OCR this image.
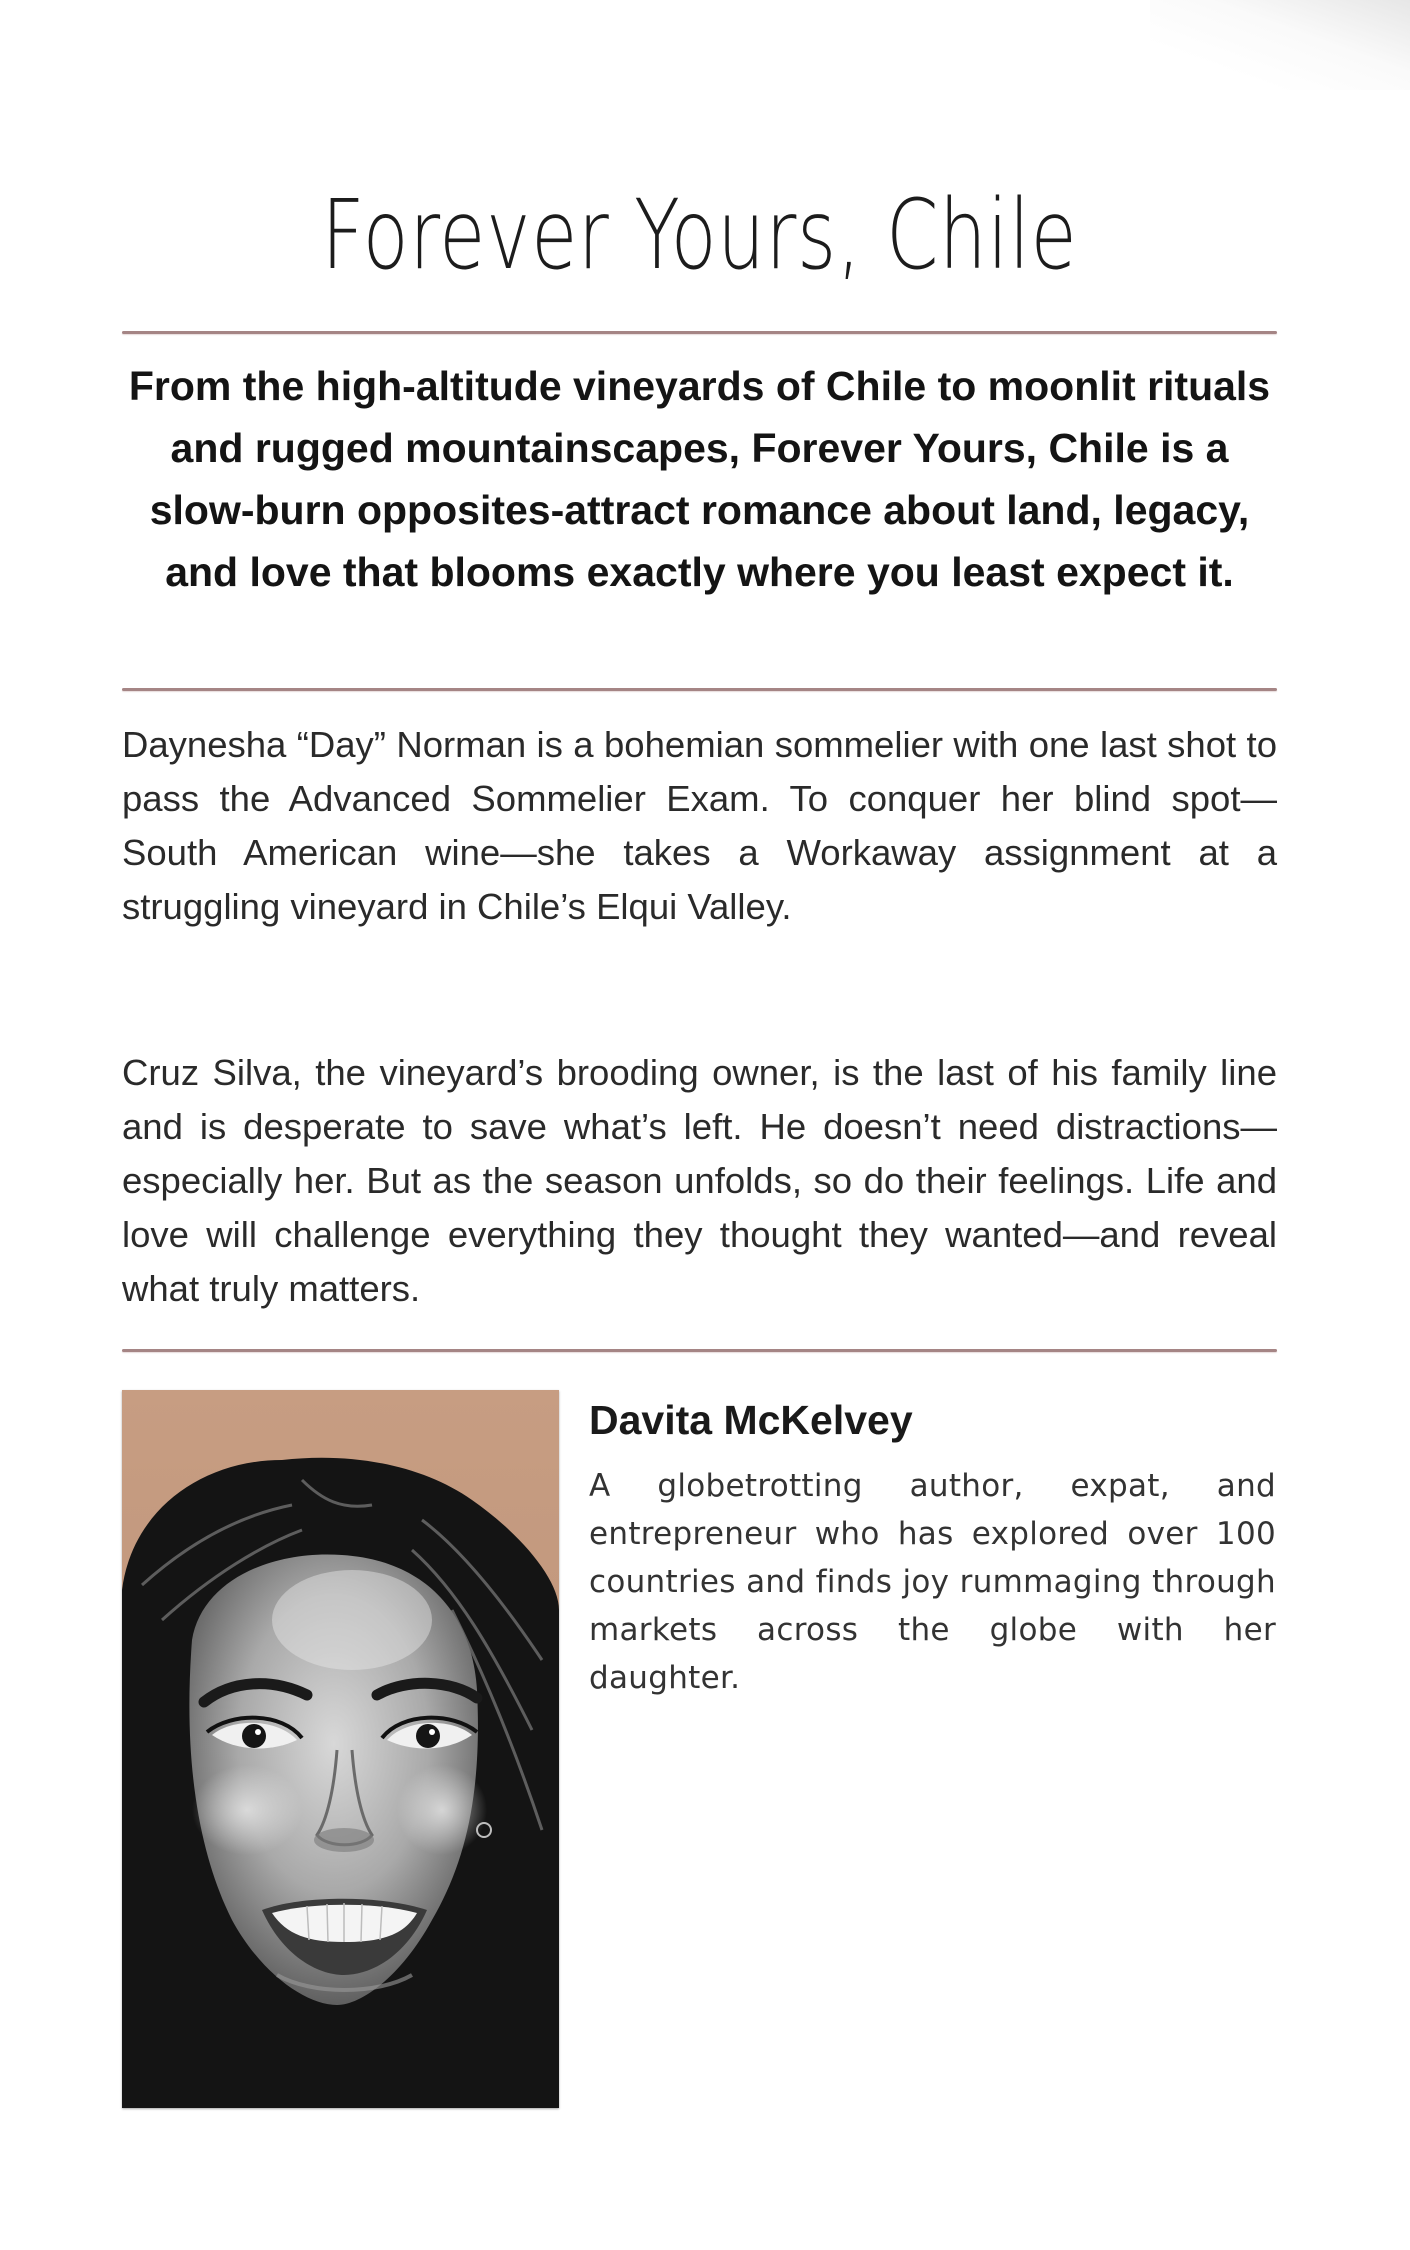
Forever Yours, Chile
From the high-altitude vineyards of Chile to moonlit rituals and rugged mountainscapes, Forever Yours, Chile is a slow-burn opposites-attract romance about land, legacy, and love that blooms exactly where you least expect it.

Daynesha “Day” Norman is a bohemian sommelier with one last shot to pass the Advanced Sommelier Exam. To conquer her blind spot—South American wine—she takes a Workaway assignment at a struggling vineyard in Chile’s Elqui Valley.

Cruz Silva, the vineyard’s brooding owner, is the last of his family line and is desperate to save what’s left. He doesn’t need distractions—especially her. But as the season unfolds, so do their feelings. Life and love will challenge everything they thought they wanted—and reveal what truly matters.

Davita McKelvey

A globetrotting author, expat, and entrepreneur who has explored over 100 countries and finds joy rummaging through markets across the globe with her daughter.
